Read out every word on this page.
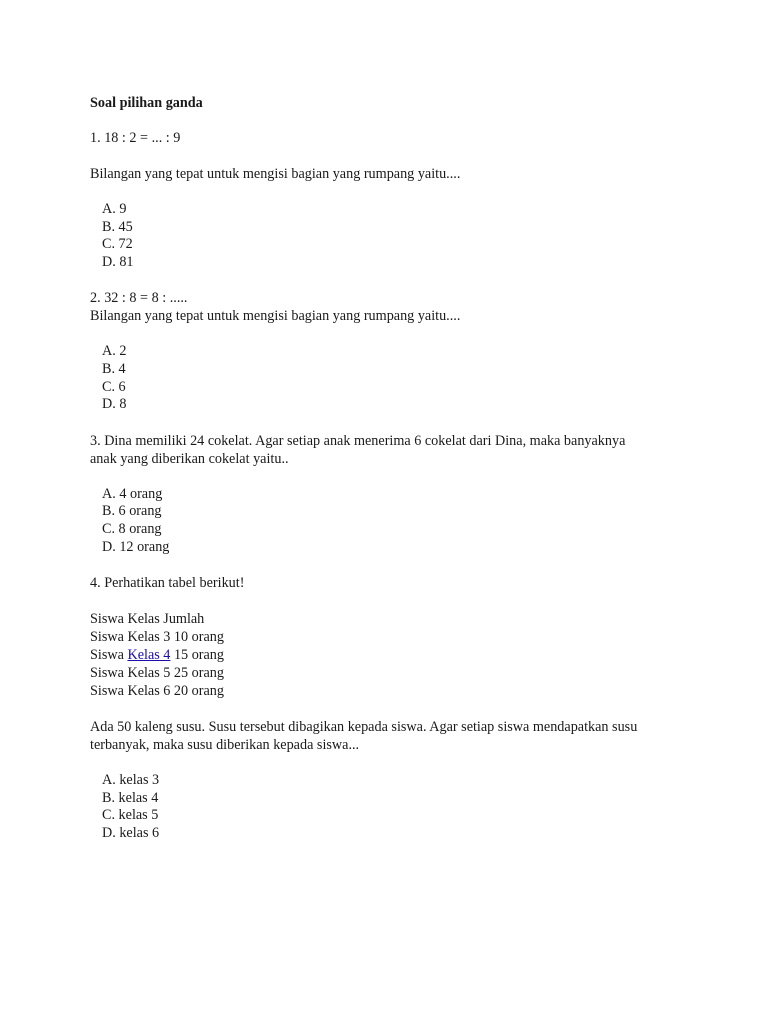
Soal pilihan ganda
1. 18 : 2 = ... : 9
Bilangan yang tepat untuk mengisi bagian yang rumpang yaitu....
A. 9
B. 45
C. 72
D. 81
2. 32 : 8 = 8 : .....
Bilangan yang tepat untuk mengisi bagian yang rumpang yaitu....
A. 2
B. 4
C. 6
D. 8
3. Dina memiliki 24 cokelat. Agar setiap anak menerima 6 cokelat dari Dina, maka banyaknya
anak yang diberikan cokelat yaitu..
A. 4 orang
B. 6 orang
C. 8 orang
D. 12 orang
4. Perhatikan tabel berikut!
Siswa Kelas Jumlah
Siswa Kelas 3 10 orang
Siswa Kelas 4 15 orang
Siswa Kelas 5 25 orang
Siswa Kelas 6 20 orang
Ada 50 kaleng susu. Susu tersebut dibagikan kepada siswa. Agar setiap siswa mendapatkan susu
terbanyak, maka susu diberikan kepada siswa...
A. kelas 3
B. kelas 4
C. kelas 5
D. kelas 6
